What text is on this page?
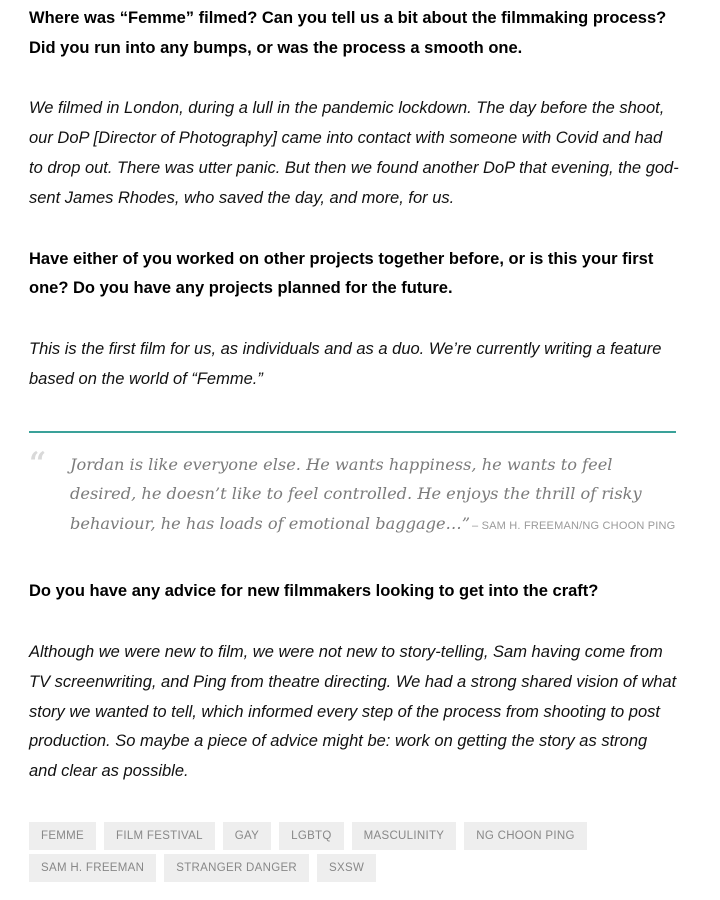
Where was “Femme” filmed? Can you tell us a bit about the filmmaking process? Did you run into any bumps, or was the process a smooth one.

We filmed in London, during a lull in the pandemic lockdown. The day before the shoot, our DoP [Director of Photography] came into contact with someone with Covid and had to drop out. There was utter panic. But then we found another DoP that evening, the god-sent James Rhodes, who saved the day, and more, for us.

Have either of you worked on other projects together before, or is this your first one? Do you have any projects planned for the future.

This is the first film for us, as individuals and as a duo. We’re currently writing a feature based on the world of “Femme.”

“ Jordan is like everyone else. He wants happiness, he wants to feel desired, he doesn’t like to feel controlled. He enjoys the thrill of risky behaviour, he has loads of emotional baggage…” – SAM H. FREEMAN/NG CHOON PING

Do you have any advice for new filmmakers looking to get into the craft?

Although we were new to film, we were not new to story-telling, Sam having come from TV screenwriting, and Ping from theatre directing. We had a strong shared vision of what story we wanted to tell, which informed every step of the process from shooting to post production. So maybe a piece of advice might be: work on getting the story as strong and clear as possible.

FEMME	FILM FESTIVAL	GAY	LGBTQ	MASCULINITY	NG CHOON PING
SAM H. FREEMAN	STRANGER DANGER	SXSW
